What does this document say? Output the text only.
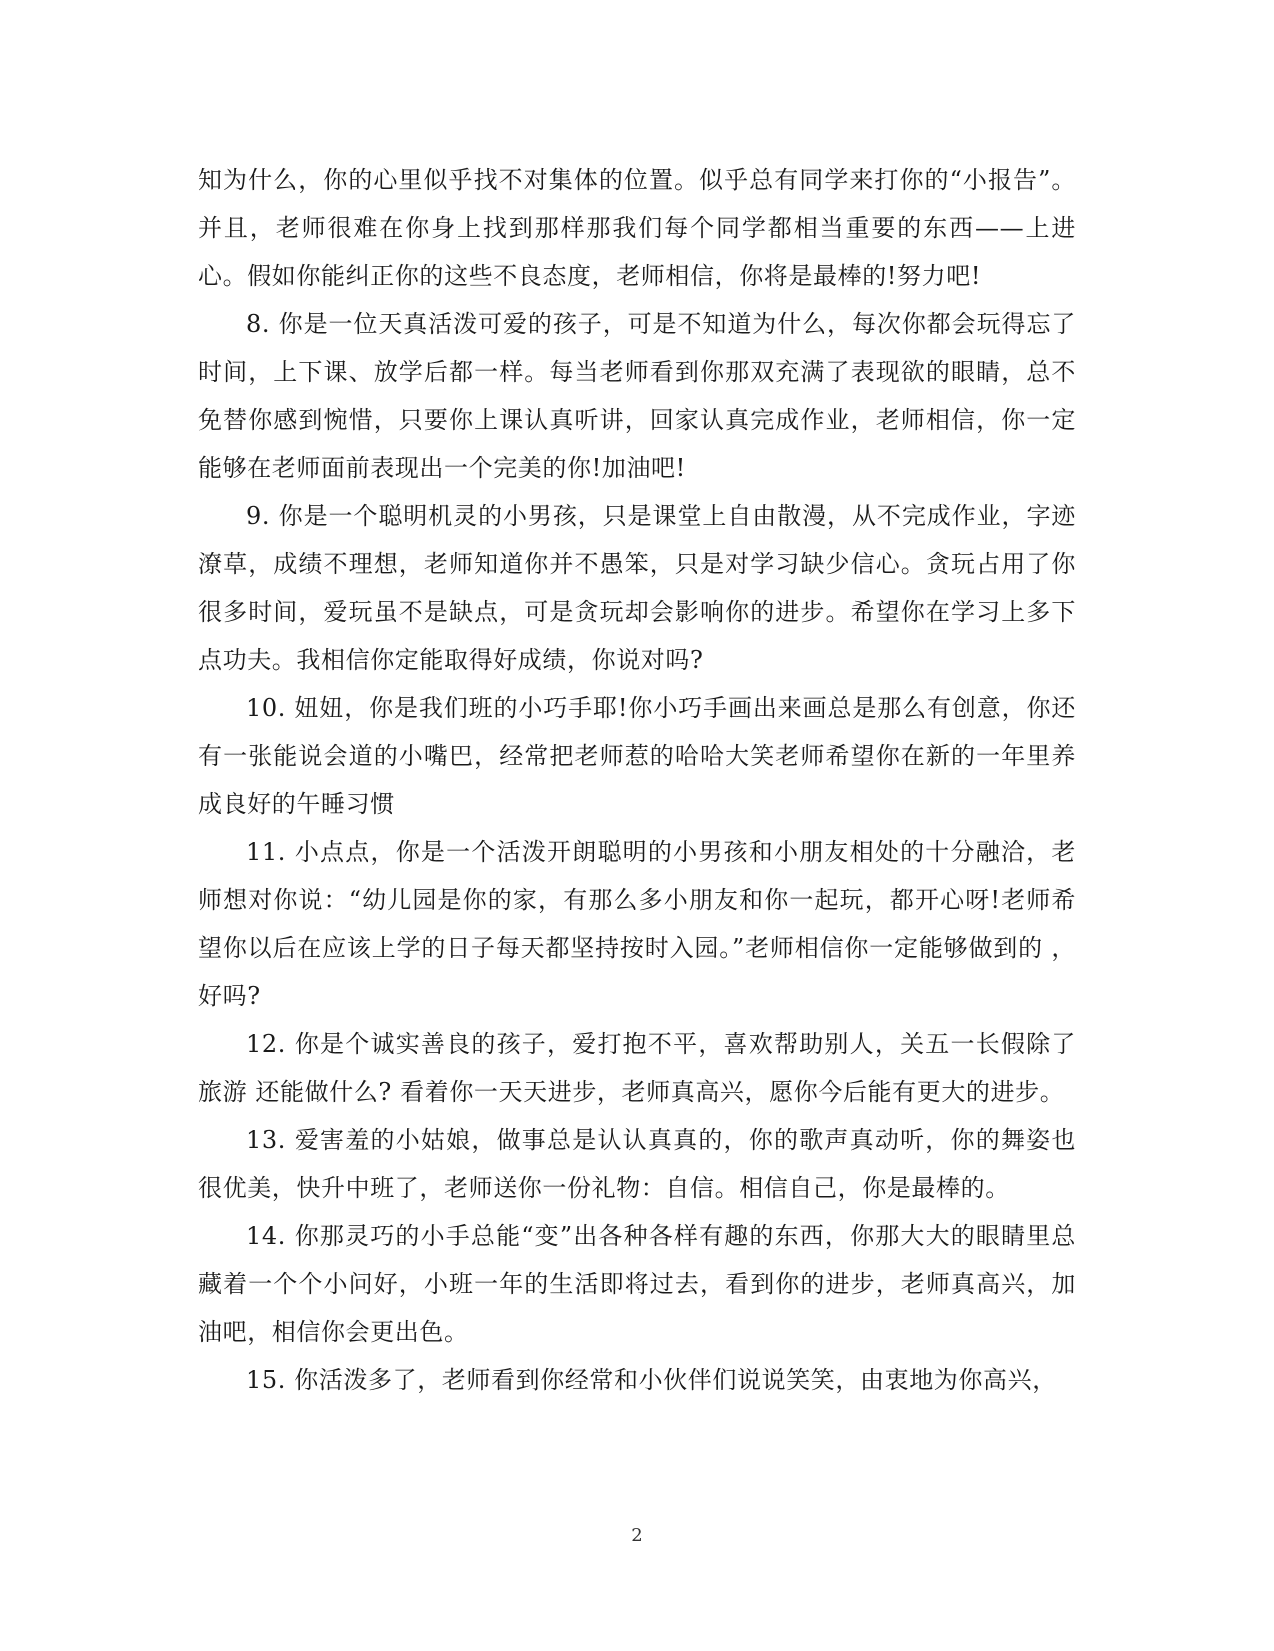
知为什么，你的心里似乎找不对集体的位置。似乎总有同学来打你的“小报告”。并且，老师很难在你身上找到那样那我们每个同学都相当重要的东西——上进心。假如你能纠正你的这些不良态度，老师相信，你将是最棒的!努力吧!

8. 你是一位天真活泼可爱的孩子，可是不知道为什么，每次你都会玩得忘了时间，上下课、放学后都一样。每当老师看到你那双充满了表现欲的眼睛，总不免替你感到惋惜，只要你上课认真听讲，回家认真完成作业，老师相信，你一定能够在老师面前表现出一个完美的你!加油吧!

9. 你是一个聪明机灵的小男孩，只是课堂上自由散漫，从不完成作业，字迹潦草，成绩不理想，老师知道你并不愚笨，只是对学习缺少信心。贪玩占用了你很多时间，爱玩虽不是缺点，可是贪玩却会影响你的进步。希望你在学习上多下点功夫。我相信你定能取得好成绩，你说对吗?

10. 妞妞，你是我们班的小巧手耶!你小巧手画出来画总是那么有创意，你还有一张能说会道的小嘴巴，经常把老师惹的哈哈大笑老师希望你在新的一年里养成良好的午睡习惯

11. 小点点，你是一个活泼开朗聪明的小男孩和小朋友相处的十分融洽，老师想对你说：“幼儿园是你的家，有那么多小朋友和你一起玩，都开心呀!老师希望你以后在应该上学的日子每天都坚持按时入园。”老师相信你一定能够做到的 ，好吗?

12. 你是个诚实善良的孩子，爱打抱不平，喜欢帮助别人，关五一长假除了旅游 还能做什么? 看着你一天天进步，老师真高兴，愿你今后能有更大的进步。

13. 爱害羞的小姑娘，做事总是认认真真的，你的歌声真动听，你的舞姿也很优美，快升中班了，老师送你一份礼物：自信。相信自己，你是最棒的。

14. 你那灵巧的小手总能“变”出各种各样有趣的东西，你那大大的眼睛里总藏着一个个小问好，小班一年的生活即将过去，看到你的进步，老师真高兴，加油吧，相信你会更出色。

15. 你活泼多了，老师看到你经常和小伙伴们说说笑笑，由衷地为你高兴，

2
